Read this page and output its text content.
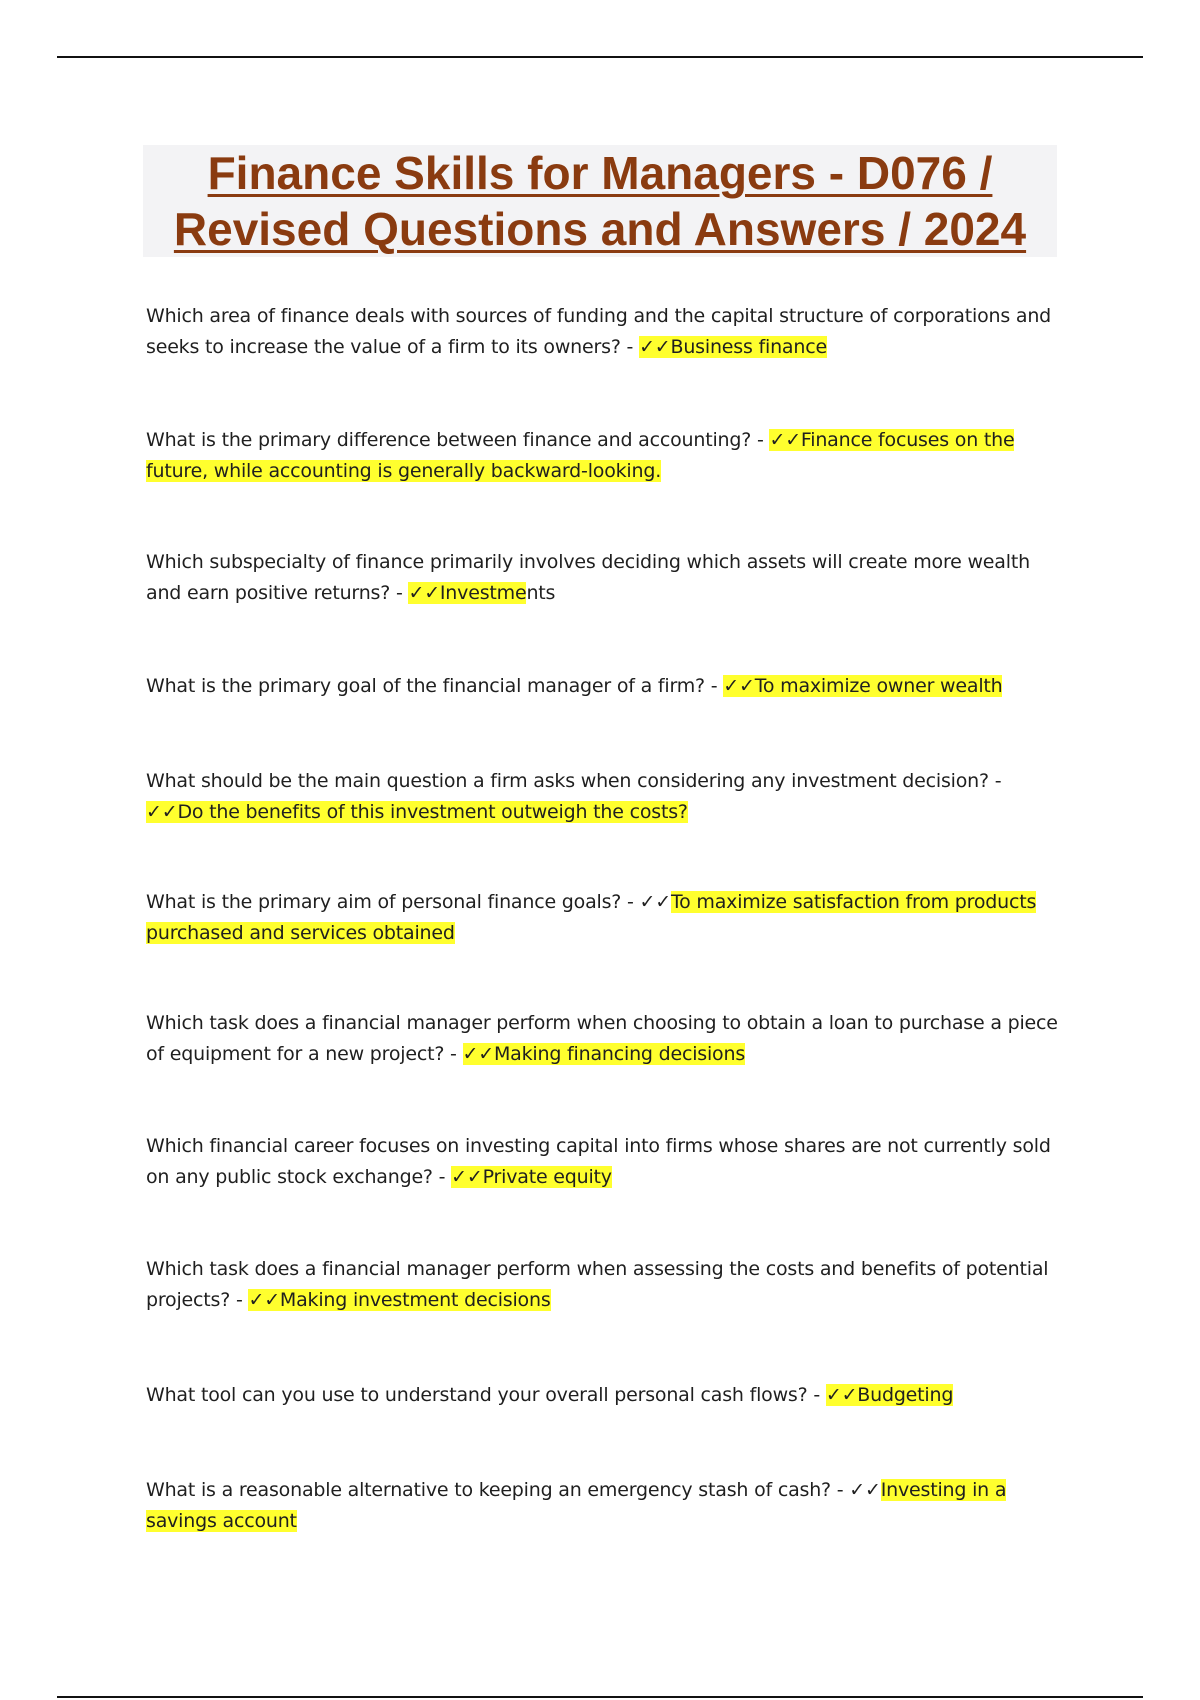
Finance Skills for Managers - D076 /
Revised Questions and Answers / 2024
Which area of finance deals with sources of funding and the capital structure of corporations and seeks to increase the value of a firm to its owners? - ✓✓Business finance
What is the primary difference between finance and accounting? - ✓✓Finance focuses on the future, while accounting is generally backward-looking.
Which subspecialty of finance primarily involves deciding which assets will create more wealth and earn positive returns? - ✓✓Investments
What is the primary goal of the financial manager of a firm? - ✓✓To maximize owner wealth
What should be the main question a firm asks when considering any investment decision? - ✓✓Do the benefits of this investment outweigh the costs?
What is the primary aim of personal finance goals? - ✓✓To maximize satisfaction from products purchased and services obtained
Which task does a financial manager perform when choosing to obtain a loan to purchase a piece of equipment for a new project? - ✓✓Making financing decisions
Which financial career focuses on investing capital into firms whose shares are not currently sold on any public stock exchange? - ✓✓Private equity
Which task does a financial manager perform when assessing the costs and benefits of potential projects? - ✓✓Making investment decisions
What tool can you use to understand your overall personal cash flows? - ✓✓Budgeting
What is a reasonable alternative to keeping an emergency stash of cash? - ✓✓Investing in a savings account
